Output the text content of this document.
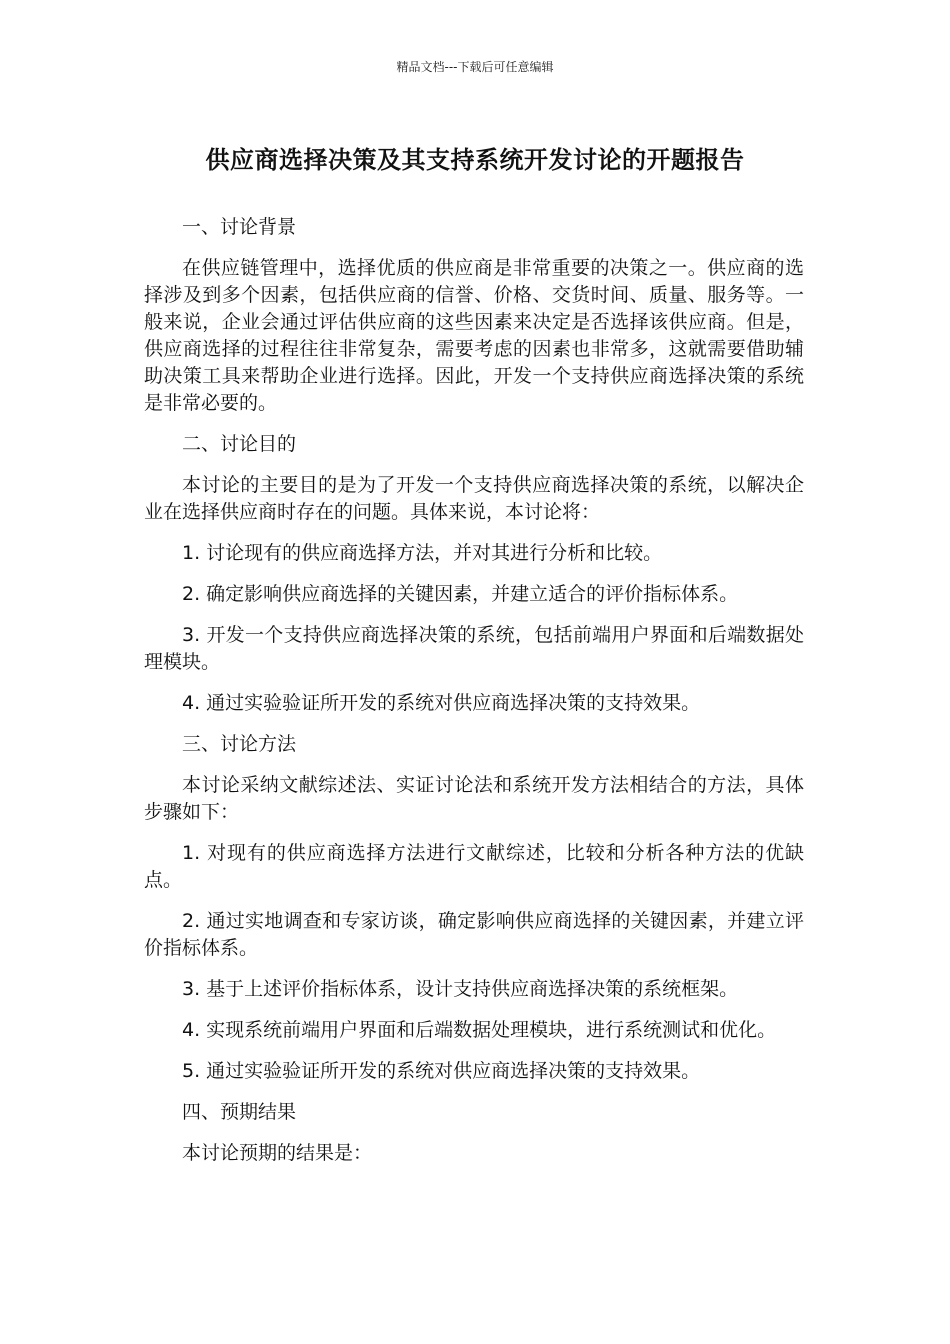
精品文档---下载后可任意编辑
供应商选择决策及其支持系统开发讨论的开题报告

一、讨论背景

在供应链管理中，选择优质的供应商是非常重要的决策之一。供应商的选择涉及到多个因素，包括供应商的信誉、价格、交货时间、质量、服务等。一般来说，企业会通过评估供应商的这些因素来决定是否选择该供应商。但是，供应商选择的过程往往非常复杂，需要考虑的因素也非常多，这就需要借助辅助决策工具来帮助企业进行选择。因此，开发一个支持供应商选择决策的系统是非常必要的。

二、讨论目的

本讨论的主要目的是为了开发一个支持供应商选择决策的系统，以解决企业在选择供应商时存在的问题。具体来说，本讨论将：

1. 讨论现有的供应商选择方法，并对其进行分析和比较。

2. 确定影响供应商选择的关键因素，并建立适合的评价指标体系。

3. 开发一个支持供应商选择决策的系统，包括前端用户界面和后端数据处理模块。

4. 通过实验验证所开发的系统对供应商选择决策的支持效果。

三、讨论方法

本讨论采纳文献综述法、实证讨论法和系统开发方法相结合的方法，具体步骤如下：

1. 对现有的供应商选择方法进行文献综述，比较和分析各种方法的优缺点。

2. 通过实地调查和专家访谈，确定影响供应商选择的关键因素，并建立评价指标体系。

3. 基于上述评价指标体系，设计支持供应商选择决策的系统框架。

4. 实现系统前端用户界面和后端数据处理模块，进行系统测试和优化。

5. 通过实验验证所开发的系统对供应商选择决策的支持效果。

四、预期结果

本讨论预期的结果是：
